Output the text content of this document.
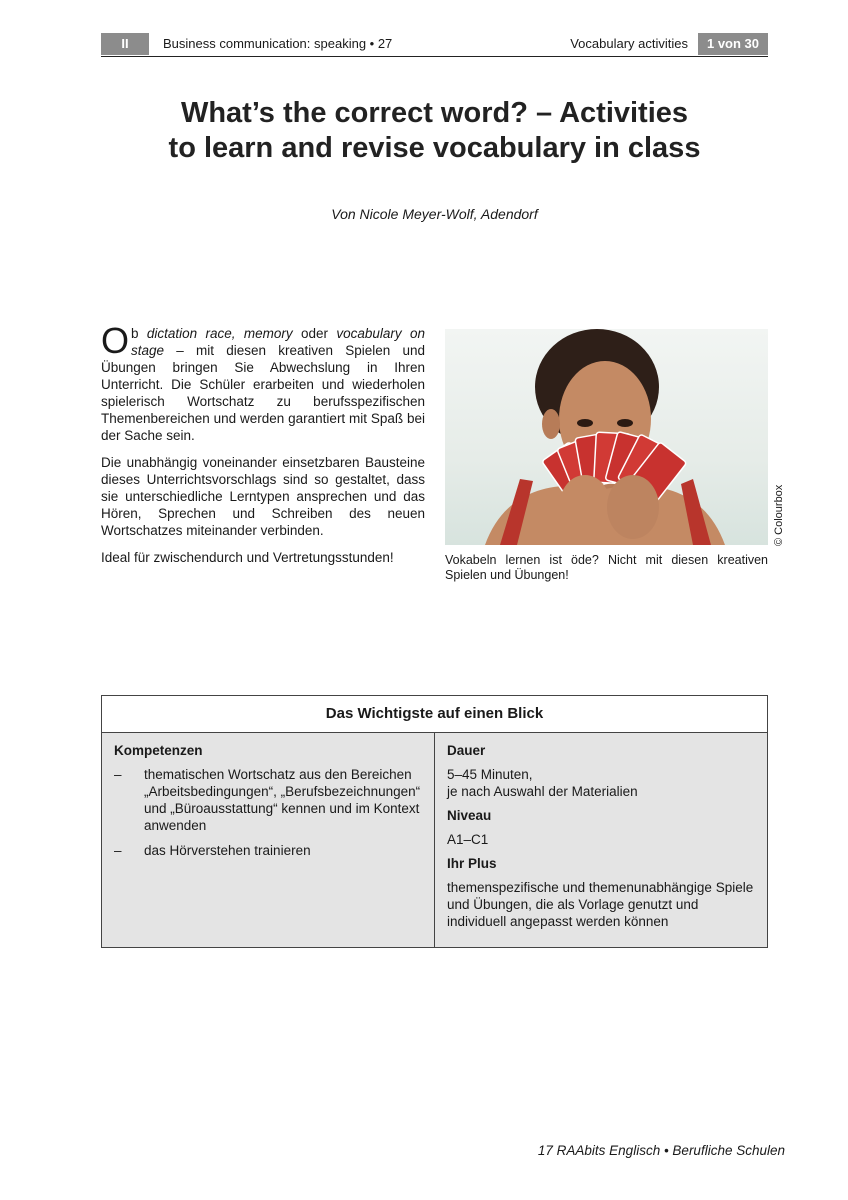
II	Business communication: speaking • 27	Vocabulary activities	1 von 30
What’s the correct word? – Activities
to learn and revise vocabulary in class
Von Nicole Meyer-Wolf, Adendorf

Ob dictation race, memory oder vocabulary on stage – mit diesen kreativen Spielen und Übungen bringen Sie Abwechslung in Ihren Unterricht. Die Schüler erarbeiten und wiederholen spielerisch Wortschatz zu berufsspezifischen Themenbereichen und werden garantiert mit Spaß bei der Sache sein.

Die unabhängig voneinander einsetzbaren Bausteine dieses Unterrichtsvorschlags sind so gestaltet, dass sie unterschiedliche Lerntypen ansprechen und das Hören, Sprechen und Schreiben des neuen Wortschatzes miteinander verbinden.

Ideal für zwischendurch und Vertretungsstunden!

© Colourbox
Vokabeln lernen ist öde? Nicht mit diesen kreativen Spielen und Übungen!
Das Wichtigste auf einen Blick
Kompetenzen
– thematischen Wortschatz aus den Bereichen „Arbeitsbedingungen“, „Berufsbezeichnungen“ und „Büroausstattung“ kennen und im Kontext anwenden
– das Hörverstehen trainieren
Dauer
5–45 Minuten,
je nach Auswahl der Materialien
Niveau
A1–C1
Ihr Plus
themenspezifische und themenunabhängige Spiele und Übungen, die als Vorlage genutzt und individuell angepasst werden können
17 RAAbits Englisch • Berufliche Schulen
